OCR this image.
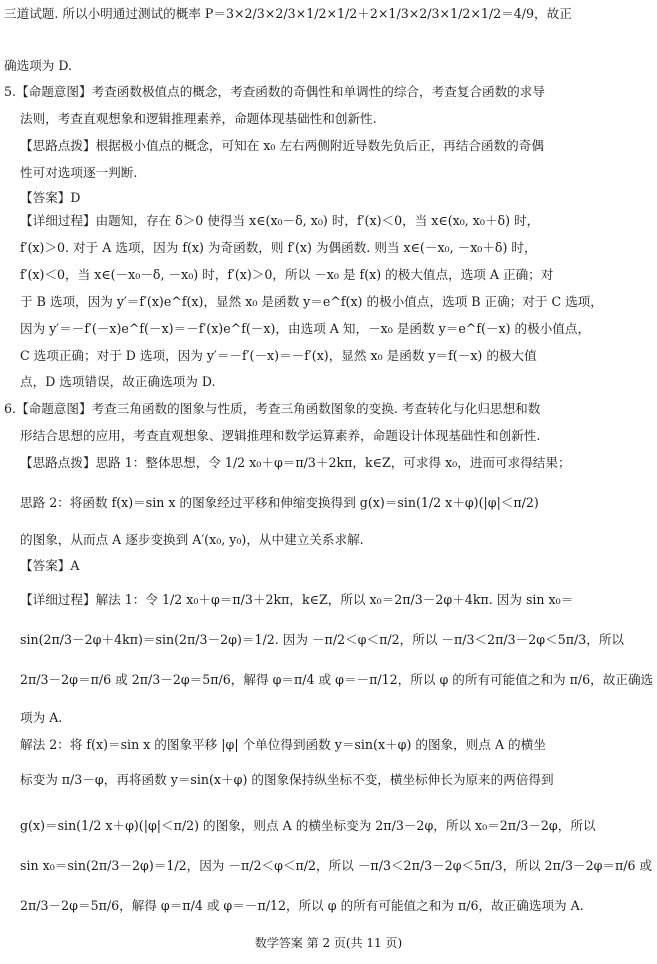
三道试题. 所以小明通过测试的概率 P＝3×2/3×2/3×1/2×1/2＋2×1/3×2/3×1/2×1/2＝4/9，故正
确选项为 D.
5.【命题意图】考查函数极值点的概念，考查函数的奇偶性和单调性的综合，考查复合函数的求导
法则，考查直观想象和逻辑推理素养，命题体现基础性和创新性.
【思路点拨】根据极小值点的概念，可知在 x₀ 左右两侧附近导数先负后正，再结合函数的奇偶
性可对选项逐一判断.
【答案】D
【详细过程】由题知，存在 δ＞0 使得当 x∈(x₀－δ, x₀) 时，f′(x)＜0，当 x∈(x₀, x₀＋δ) 时，
f′(x)＞0. 对于 A 选项，因为 f(x) 为奇函数，则 f′(x) 为偶函数. 则当 x∈(－x₀, －x₀＋δ) 时，
f′(x)＜0，当 x∈(－x₀－δ, －x₀) 时，f′(x)＞0，所以 －x₀ 是 f(x) 的极大值点，选项 A 正确；对
于 B 选项，因为 y′＝f′(x)e^f(x)，显然 x₀ 是函数 y＝e^f(x) 的极小值点，选项 B 正确；对于 C 选项，
因为 y′＝－f′(－x)e^f(－x)＝－f′(x)e^f(－x)，由选项 A 知，－x₀ 是函数 y＝e^f(－x) 的极小值点，
C 选项正确；对于 D 选项，因为 y′＝－f′(－x)＝－f′(x)，显然 x₀ 是函数 y＝f(－x) 的极大值
点，D 选项错误，故正确选项为 D.
6.【命题意图】考查三角函数的图象与性质，考查三角函数图象的变换. 考查转化与化归思想和数
形结合思想的应用，考查直观想象、逻辑推理和数学运算素养，命题设计体现基础性和创新性.
【思路点拨】思路 1：整体思想，令 1/2 x₀＋φ＝π/3＋2kπ，k∈Z，可求得 x₀，进而可求得结果；
思路 2：将函数 f(x)＝sin x 的图象经过平移和伸缩变换得到 g(x)＝sin(1/2 x＋φ)(|φ|＜π/2)
的图象，从而点 A 逐步变换到 A′(x₀, y₀)，从中建立关系求解.
【答案】A
【详细过程】解法 1：令 1/2 x₀＋φ＝π/3＋2kπ，k∈Z，所以 x₀＝2π/3－2φ＋4kπ. 因为 sin x₀＝
sin(2π/3－2φ＋4kπ)＝sin(2π/3－2φ)＝1/2. 因为 －π/2＜φ＜π/2，所以 －π/3＜2π/3－2φ＜5π/3，所以
2π/3－2φ＝π/6 或 2π/3－2φ＝5π/6，解得 φ＝π/4 或 φ＝－π/12，所以 φ 的所有可能值之和为 π/6，故正确选
项为 A.
解法 2：将 f(x)＝sin x 的图象平移 |φ| 个单位得到函数 y＝sin(x＋φ) 的图象，则点 A 的横坐
标变为 π/3－φ，再将函数 y＝sin(x＋φ) 的图象保持纵坐标不变，横坐标伸长为原来的两倍得到
g(x)＝sin(1/2 x＋φ)(|φ|＜π/2) 的图象，则点 A 的横坐标变为 2π/3－2φ，所以 x₀＝2π/3－2φ，所以
sin x₀＝sin(2π/3－2φ)＝1/2，因为 －π/2＜φ＜π/2，所以 －π/3＜2π/3－2φ＜5π/3，所以 2π/3－2φ＝π/6 或
2π/3－2φ＝5π/6，解得 φ＝π/4 或 φ＝－π/12，所以 φ 的所有可能值之和为 π/6，故正确选项为 A.
数学答案 第 2 页(共 11 页)
